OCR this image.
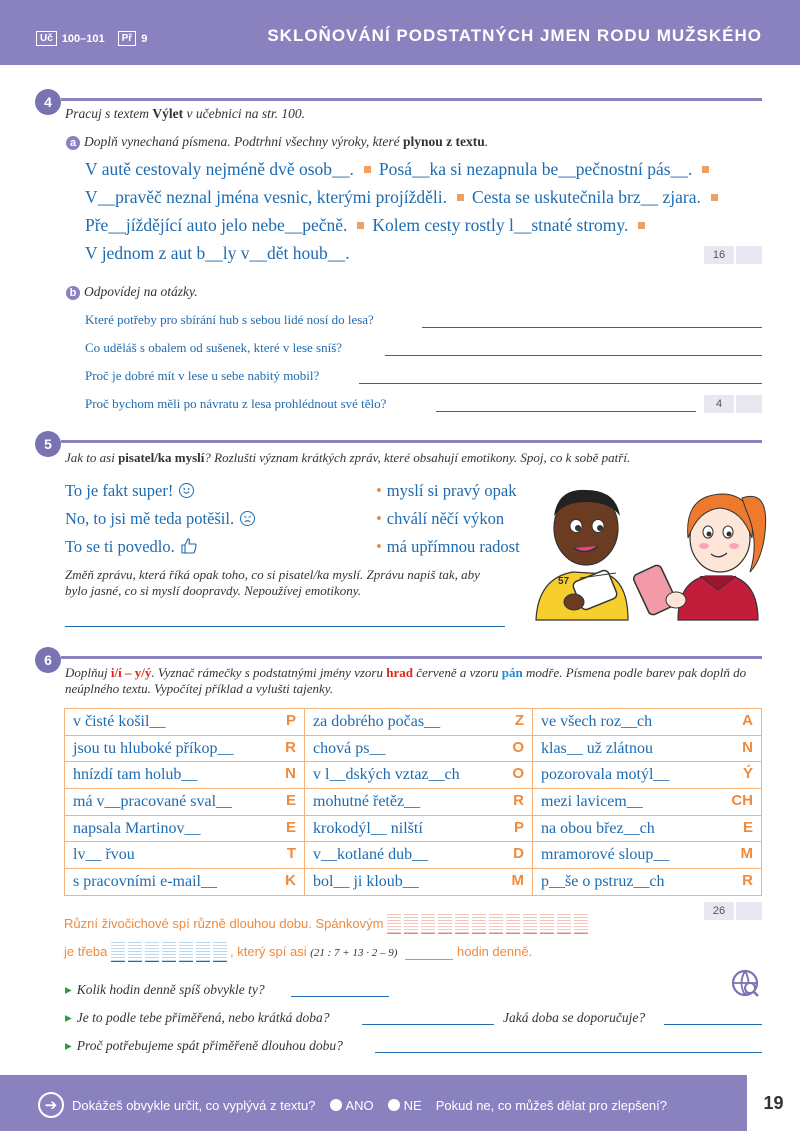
Uč 100–101	Př 9	SKLOŇOVÁNÍ PODSTATNÝCH JMEN RODU MUŽSKÉHO
4
Pracuj s textem Výlet v učebnici na str. 100.
a Doplň vynechaná písmena. Podtrhni všechny výroky, které plynou z textu.
V autě cestovaly nejméně dvě osob__. Posá__ka si nezapnula be__pečnostní pás__.
V__pravěč neznal jména vesnic, kterými projížděli. Cesta se uskutečnila brz__ zjara.
Pře__jíždějící auto jelo nebe__pečně. Kolem cesty rostly l__stnaté stromy.
V jednom z aut b__ly v__dět houb__.	16
b Odpovídej na otázky.
Které potřeby pro sbírání hub s sebou lidé nosí do lesa?
Co uděláš s obalem od sušenek, které v lese sníš?
Proč je dobré mít v lese u sebe nabitý mobil?
Proč bychom měli po návratu z lesa prohlédnout své tělo?	4
5
Jak to asi pisatel/ka myslí? Rozlušti význam krátkých zpráv, které obsahují emotikony. Spoj, co k sobě patří.
To je fakt super!
No, to jsi mě teda potěšil.
To se ti povedlo.
• myslí si pravý opak
• chválí něčí výkon
• má upřímnou radost
Změň zprávu, která říká opak toho, co si pisatel/ka myslí. Zprávu napiš tak, aby bylo jasné, co si myslí doopravdy. Nepoužívej emotikony.
57
6
Doplňuj i/í – y/ý. Vyznač rámečky s podstatnými jmény vzoru hrad červeně a vzoru pán modře. Písmena podle barev pak doplň do neúplného textu. Vypočítej příklad a vylušti tajenky.
v čisté košil__ P	za dobrého počas__ Z	ve všech roz__ch A

jsou tu hluboké příkop__ R	chová ps__ O	klas__ už zlátnou N

hnízdí tam holub__ N	v l__dských vztaz__ch O	pozorovala motýl__ Ý

má v__pracované sval__ E	mohutné řetěz__ R	mezi lavicem__ CH

napsala Martinov__ E	krokodýl__ nilští P	na obou břez__ch E

lv__ řvou T	v__kotlané dub__ D	mramorové sloup__ M

s pracovními e-mail__ K	bol__ ji kloub__ M	p__še o pstruz__ch R
26
Různí živočichové spí různě dlouhou dobu. Spánkovým
je třeba	, který spí asi (21 : 7 + 13 · 2 – 9)	hodin denně.
▸ Kolik hodin denně spíš obvykle ty?
▸ Je to podle tebe přiměřená, nebo krátká doba?	Jaká doba se doporučuje?
▸ Proč potřebujeme spát přiměřeně dlouhou dobu?
➔	Dokážeš obvykle určit, co vyplývá z textu? ANO NE Pokud ne, co můžeš dělat pro zlepšení?	19
